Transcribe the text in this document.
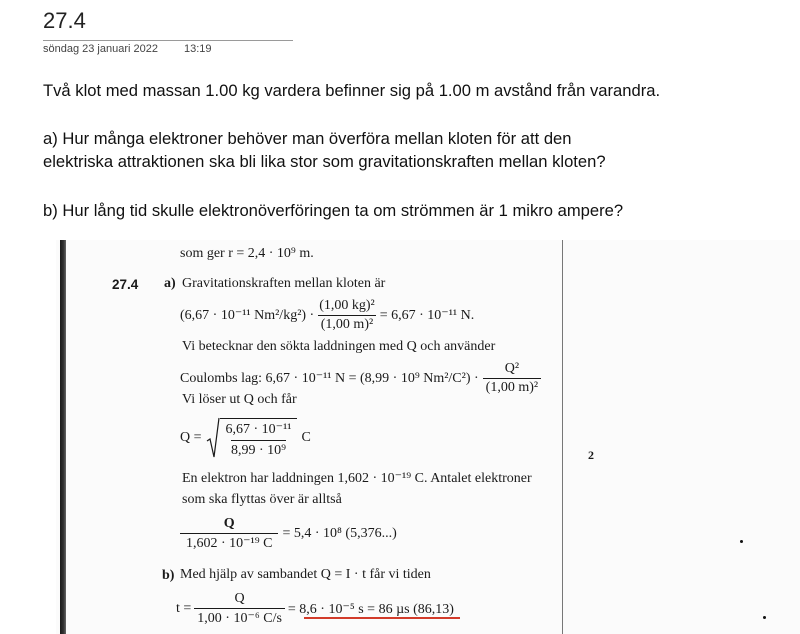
27.4
söndag 23 januari 2022 13:19
Två klot med massan 1.00 kg vardera befinner sig på 1.00 m avstånd från varandra.
a) Hur många elektroner behöver man överföra mellan kloten för att den
elektriska attraktionen ska bli lika stor som gravitationskraften mellan kloten?
b) Hur lång tid skulle elektronöverföringen ta om strömmen är 1 mikro ampere?
som ger r = 2,4 · 10⁹ m.
27.4 a) Gravitationskraften mellan kloten är
(6,67 · 10⁻¹¹ $Nm^2/kg^2) \cdot \frac{\text{(1,00 kg)²}}{\text{(1,00 m)²}} = 6,67 \cdot 10^{-11}$ N.
Vi betecknar den sökta laddningen med Q och använder
Coulombs lag: 6,67 · 10⁻¹¹ N = (8,99 · 10⁹ $Nm^2/C^2) \cdot \frac{\text{Q²}}{\text{(1,00 m)²}}$
Vi löser ut Q och får
$Q = \frac{\text{6,67 · 10⁻¹¹}}{\text{8,99 · 10⁹}}$ C
En elektron har laddningen 1,602 · 10⁻¹⁹ C. Antalet elektroner
som ska flyttas över är alltså
$\frac{Q}{\text{1,602 · 10⁻¹⁹ C}} = 5,4 \cdot 10^8$ (5,376...)
b) Med hjälp av sambandet Q = I · t får vi tiden
$t = \frac{Q}{\text{1,00 · 10⁻⁶ C/s}} = 8,6 \cdot 10^{-5}$ s = 86 µs (86,13)
2
